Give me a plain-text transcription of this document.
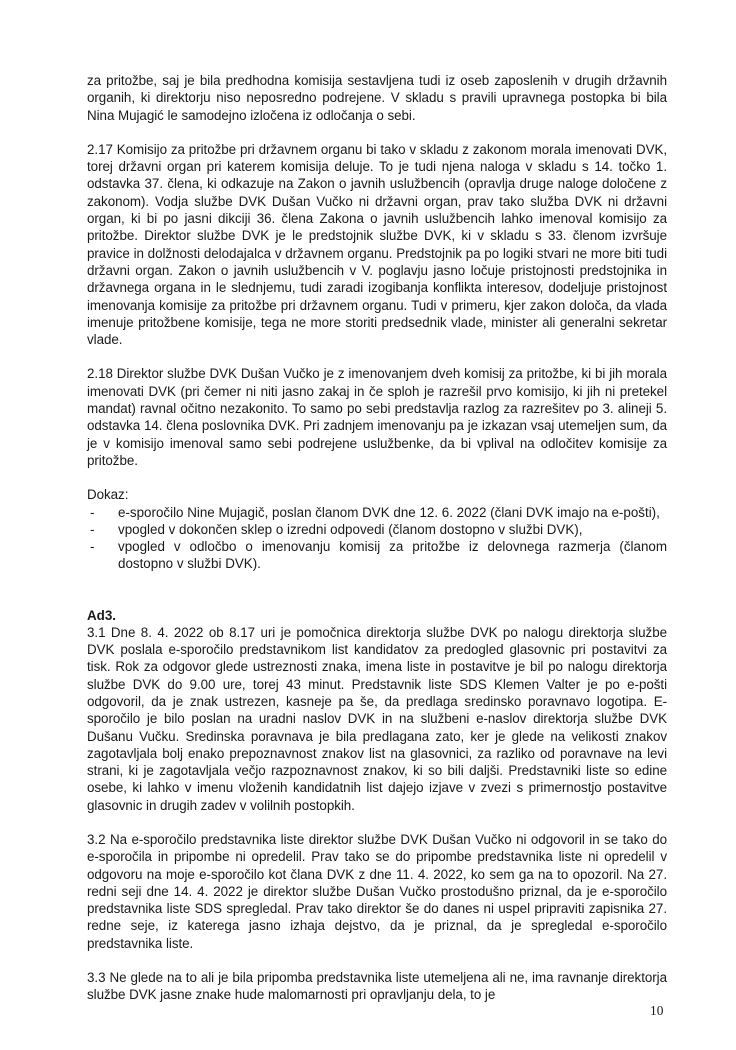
za pritožbe, saj je bila predhodna komisija sestavljena tudi iz oseb zaposlenih v drugih državnih organih, ki direktorju niso neposredno podrejene. V skladu s pravili upravnega postopka bi bila Nina Mujagić le samodejno izločena iz odločanja o sebi.

2.17 Komisijo za pritožbe pri državnem organu bi tako v skladu z zakonom morala imenovati DVK, torej državni organ pri katerem komisija deluje. To je tudi njena naloga v skladu s 14. točko 1. odstavka 37. člena, ki odkazuje na Zakon o javnih uslužbencih (opravlja druge naloge določene z zakonom). Vodja službe DVK Dušan Vučko ni državni organ, prav tako služba DVK ni državni organ, ki bi po jasni dikciji 36. člena Zakona o javnih uslužbencih lahko imenoval komisijo za pritožbe. Direktor službe DVK je le predstojnik službe DVK, ki v skladu s 33. členom izvršuje pravice in dolžnosti delodajalca v državnem organu. Predstojnik pa po logiki stvari ne more biti tudi državni organ. Zakon o javnih uslužbencih v V. poglavju jasno ločuje pristojnosti predstojnika in državnega organa in le slednjemu, tudi zaradi izogibanja konflikta interesov, dodeljuje pristojnost imenovanja komisije za pritožbe pri državnem organu. Tudi v primeru, kjer zakon določa, da vlada imenuje pritožbene komisije, tega ne more storiti predsednik vlade, minister ali generalni sekretar vlade.

2.18 Direktor službe DVK Dušan Vučko je z imenovanjem dveh komisij za pritožbe, ki bi jih morala imenovati DVK (pri čemer ni niti jasno zakaj in če sploh je razrešil prvo komisijo, ki jih ni pretekel mandat) ravnal očitno nezakonito. To samo po sebi predstavlja razlog za razrešitev po 3. alineji 5. odstavka 14. člena poslovnika DVK. Pri zadnjem imenovanju pa je izkazan vsaj utemeljen sum, da je v komisijo imenoval samo sebi podrejene uslužbenke, da bi vplival na odločitev komisije za pritožbe.

Dokaz:

-	e-sporočilo Nine Mujagič, poslan članom DVK dne 12. 6. 2022 (člani DVK imajo na e-pošti),
-	vpogled v dokončen sklep o izredni odpovedi (članom dostopno v službi DVK),
-	vpogled v odločbo o imenovanju komisij za pritožbe iz delovnega razmerja (članom dostopno v službi DVK).
Ad3.

3.1 Dne 8. 4. 2022 ob 8.17 uri je pomočnica direktorja službe DVK po nalogu direktorja službe DVK poslala e-sporočilo predstavnikom list kandidatov za predogled glasovnic pri postavitvi za tisk. Rok za odgovor glede ustreznosti znaka, imena liste in postavitve je bil po nalogu direktorja službe DVK do 9.00 ure, torej 43 minut. Predstavnik liste SDS Klemen Valter je po e-pošti odgovoril, da je znak ustrezen, kasneje pa še, da predlaga sredinsko poravnavo logotipa. E-sporočilo je bilo poslan na uradni naslov DVK in na službeni e-naslov direktorja službe DVK Dušanu Vučku. Sredinska poravnava je bila predlagana zato, ker je glede na velikosti znakov zagotavljala bolj enako prepoznavnost znakov list na glasovnici, za razliko od poravnave na levi strani, ki je zagotavljala večjo razpoznavnost znakov, ki so bili daljši. Predstavniki liste so edine osebe, ki lahko v imenu vloženih kandidatnih list dajejo izjave v zvezi s primernostjo postavitve glasovnic in drugih zadev v volilnih postopkih.

3.2 Na e-sporočilo predstavnika liste direktor službe DVK Dušan Vučko ni odgovoril in se tako do e-sporočila in pripombe ni opredelil. Prav tako se do pripombe predstavnika liste ni opredelil v odgovoru na moje e-sporočilo kot člana DVK z dne 11. 4. 2022, ko sem ga na to opozoril. Na 27. redni seji dne 14. 4. 2022 je direktor službe Dušan Vučko prostodušno priznal, da je e-sporočilo predstavnika liste SDS spregledal. Prav tako direktor še do danes ni uspel pripraviti zapisnika 27. redne seje, iz katerega jasno izhaja dejstvo, da je priznal, da je spregledal e-sporočilo predstavnika liste.

3.3 Ne glede na to ali je bila pripomba predstavnika liste utemeljena ali ne, ima ravnanje direktorja službe DVK jasne znake hude malomarnosti pri opravljanju dela, to je

10
